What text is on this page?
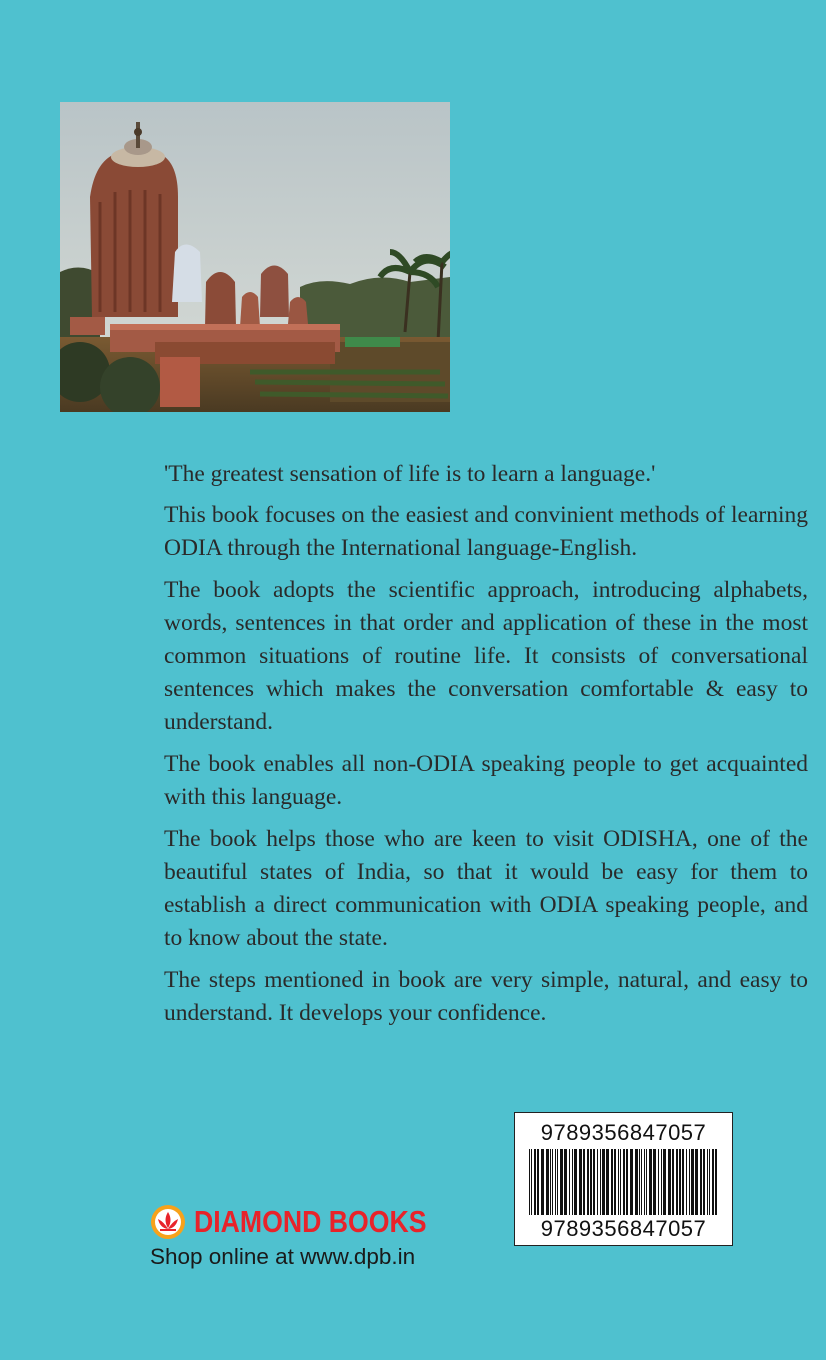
'The greatest sensation of life is to learn a language.'

This book focuses on the easiest and convinient methods of learning ODIA through the International language-English.

The book adopts the scientific approach, introducing alphabets, words, sentences in that order and application of these in the most common situations of routine life. It consists of conversational sentences which makes the conversation comfortable & easy to understand.

The book enables all non-ODIA speaking people to get acquainted with this language.

The book helps those who are keen to visit ODISHA, one of the beautiful states of India, so that it would be easy for them to establish a direct communication with ODIA speaking people, and to know about the state.

The steps mentioned in book are very simple, natural, and easy to understand. It develops your confidence.

9789356847057
9789356847057
DIAMOND BOOKS
Shop online at www.dpb.in
